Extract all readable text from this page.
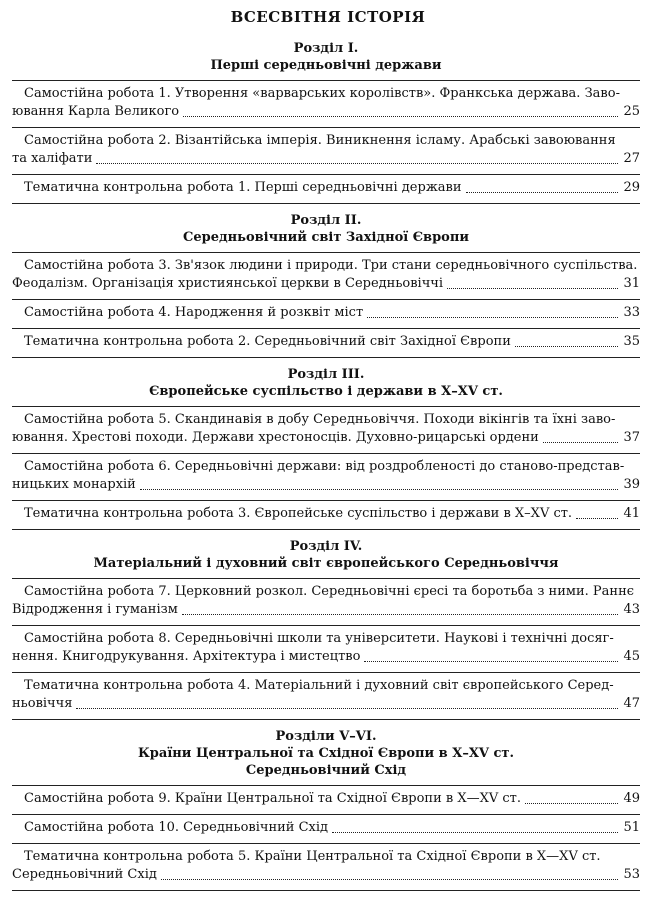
ВСЕСВІТНЯ ІСТОРІЯ
Розділ І.
Перші середньовічні держави
Самостійна робота 1. Утворення «варварських королівств». Франкська держава. Заво-
ювання Карла Великого	25
Самостійна робота 2. Візантійська імперія. Виникнення ісламу. Арабські завоювання
та халіфати	27
Тематична контрольна робота 1. Перші середньовічні держави	29
Розділ ІІ.
Середньовічний світ Західної Європи
Самостійна робота 3. Зв'язок людини і природи. Три стани середньовічного суспільства.
Феодалізм. Організація християнської церкви в Середньовіччі	31
Самостійна робота 4. Народження й розквіт міст	33
Тематична контрольна робота 2. Середньовічний світ Західної Європи	35
Розділ ІІІ.
Європейське суспільство і держави в X–XV ст.
Самостійна робота 5. Скандинавія в добу Середньовіччя. Походи вікінгів та їхні заво-
ювання. Хрестові походи. Держави хрестоносців. Духовно-рицарські ордени	37
Самостійна робота 6. Середньовічні держави: від роздробленості до станово-представ-
ницьких монархій	39
Тематична контрольна робота 3. Європейське суспільство і держави в X–XV ст.	41
Розділ IV.
Матеріальний і духовний світ європейського Середньовіччя
Самостійна робота 7. Церковний розкол. Середньовічні єресі та боротьба з ними. Раннє
Відродження і гуманізм	43
Самостійна робота 8. Середньовічні школи та університети. Наукові і технічні досяг-
нення. Книгодрукування. Архітектура і мистецтво	45
Тематична контрольна робота 4. Матеріальний і духовний світ європейського Серед-
ньовіччя	47
Розділи V–VI.
Країни Центральної та Східної Європи в X–XV ст.
Середньовічний Схід
Самостійна робота 9. Країни Центральної та Східної Європи в X—XV ст.	49
Самостійна робота 10. Середньовічний Схід	51
Тематична контрольна робота 5. Країни Центральної та Східної Європи в X—XV ст.
Середньовічний Схід	53
